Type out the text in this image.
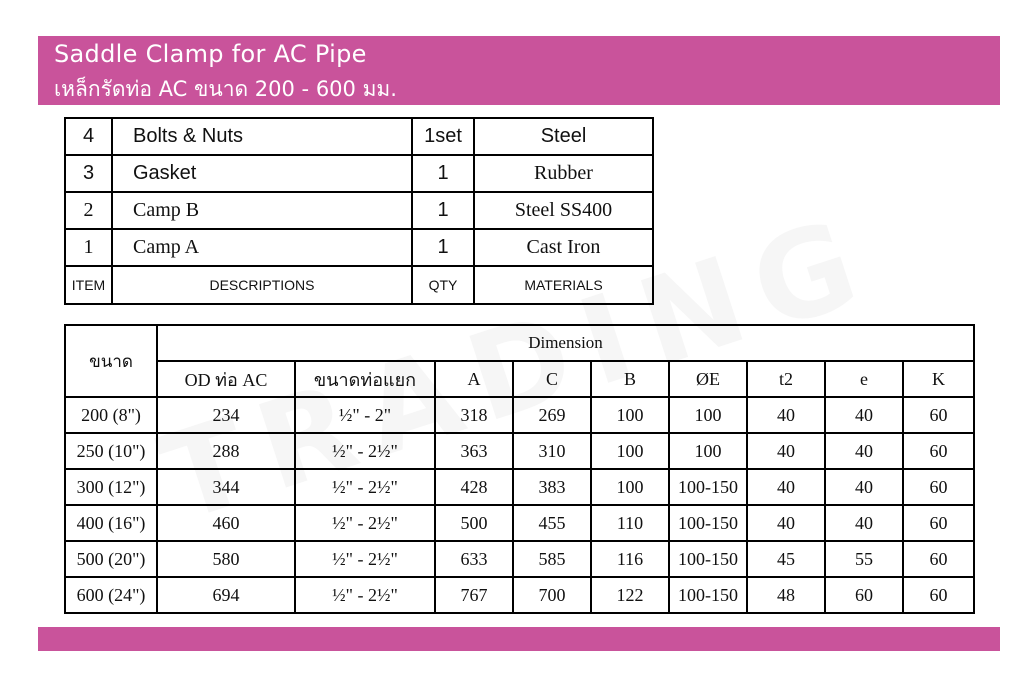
Saddle Clamp for AC Pipe
เหล็กรัดท่อ AC ขนาด 200 - 600 มม.
4	Bolts & Nuts	1set	Steel
3	Gasket	1	Rubber
2	Camp B	1	Steel SS400
1	Camp A	1	Cast Iron
ITEM	DESCRIPTIONS	QTY	MATERIALS
ขนาด	Dimension								
	OD ท่อ AC	ขนาดท่อแยก	A	C	B	ØE	t2	e	K
200 (8")	234	½" - 2"	318	269	100	100	40	40	60
250 (10")	288	½" - 2½"	363	310	100	100	40	40	60
300 (12")	344	½" - 2½"	428	383	100	100-150	40	40	60
400 (16")	460	½" - 2½"	500	455	110	100-150	40	40	60
500 (20")	580	½" - 2½"	633	585	116	100-150	45	55	60
600 (24")	694	½" - 2½"	767	700	122	100-150	48	60	60
